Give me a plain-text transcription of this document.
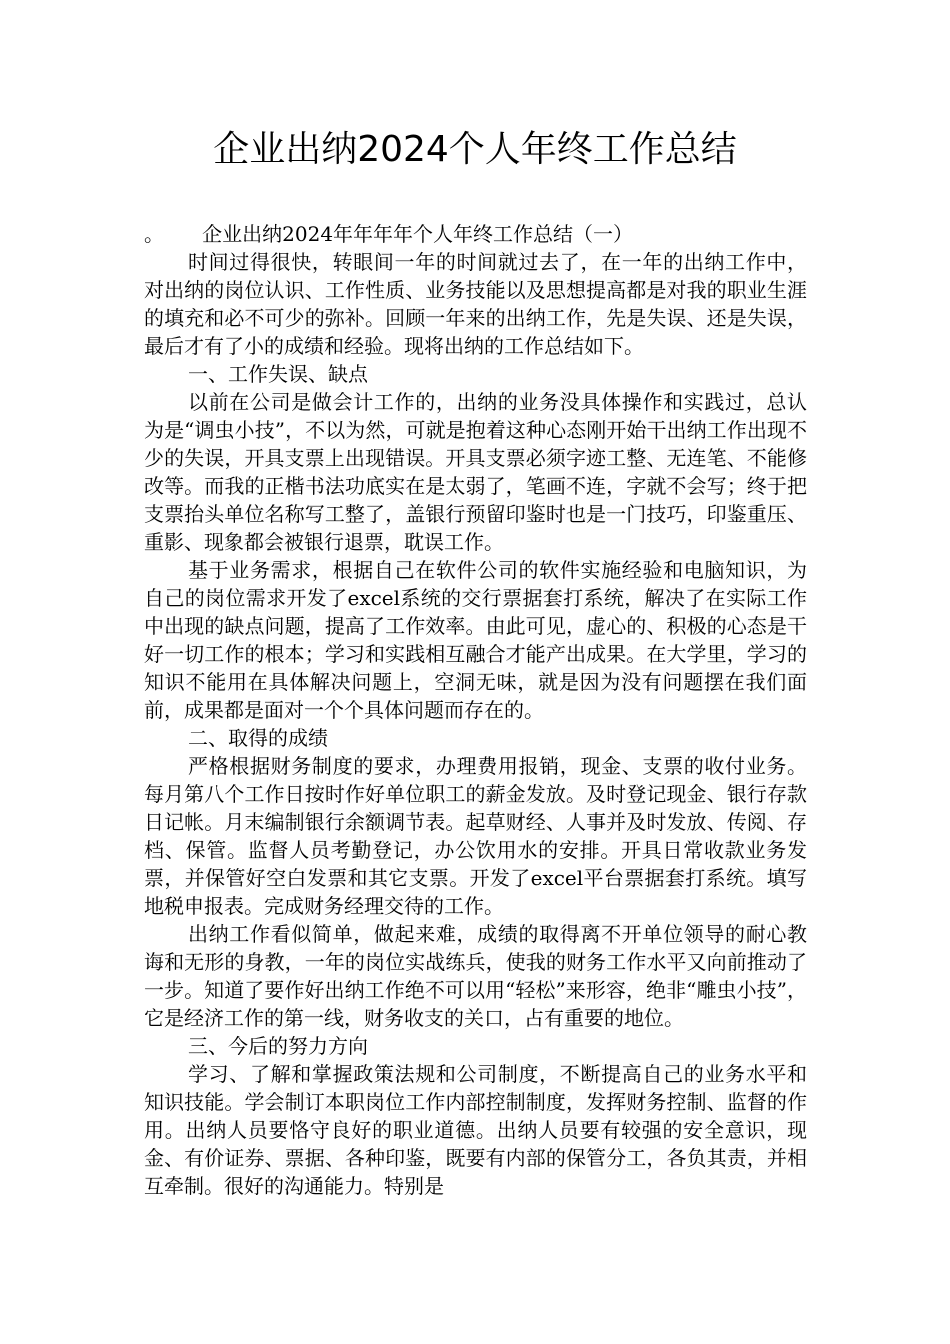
企业出纳2024个人年终工作总结

。      企业出纳2024年年年年个人年终工作总结（一）

时间过得很快，转眼间一年的时间就过去了，在一年的出纳工作中，对出纳的岗位认识、工作性质、业务技能以及思想提高都是对我的职业生涯的填充和必不可少的弥补。回顾一年来的出纳工作，先是失误、还是失误，最后才有了小的成绩和经验。现将出纳的工作总结如下。

一、工作失误、缺点

以前在公司是做会计工作的，出纳的业务没具体操作和实践过，总认为是“调虫小技”，不以为然，可就是抱着这种心态刚开始干出纳工作出现不少的失误，开具支票上出现错误。开具支票必须字迹工整、无连笔、不能修改等。而我的正楷书法功底实在是太弱了，笔画不连，字就不会写；终于把支票抬头单位名称写工整了，盖银行预留印鉴时也是一门技巧，印鉴重压、重影、现象都会被银行退票，耽误工作。

基于业务需求，根据自己在软件公司的软件实施经验和电脑知识，为自己的岗位需求开发了excel系统的交行票据套打系统，解决了在实际工作中出现的缺点问题，提高了工作效率。由此可见，虚心的、积极的心态是干好一切工作的根本；学习和实践相互融合才能产出成果。在大学里，学习的知识不能用在具体解决问题上，空洞无味，就是因为没有问题摆在我们面前，成果都是面对一个个具体问题而存在的。

二、取得的成绩

严格根据财务制度的要求，办理费用报销，现金、支票的收付业务。每月第八个工作日按时作好单位职工的薪金发放。及时登记现金、银行存款日记帐。月末编制银行余额调节表。起草财经、人事并及时发放、传阅、存档、保管。监督人员考勤登记，办公饮用水的安排。开具日常收款业务发票，并保管好空白发票和其它支票。开发了excel平台票据套打系统。填写地税申报表。完成财务经理交待的工作。

出纳工作看似简单，做起来难，成绩的取得离不开单位领导的耐心教诲和无形的身教，一年的岗位实战练兵，使我的财务工作水平又向前推动了一步。知道了要作好出纳工作绝不可以用“轻松”来形容，绝非“雕虫小技”，它是经济工作的第一线，财务收支的关口，占有重要的地位。

三、今后的努力方向

学习、了解和掌握政策法规和公司制度，不断提高自己的业务水平和知识技能。学会制订本职岗位工作内部控制制度，发挥财务控制、监督的作用。出纳人员要恪守良好的职业道德。出纳人员要有较强的安全意识，现金、有价证券、票据、各种印鉴，既要有内部的保管分工，各负其责，并相互牵制。很好的沟通能力。特别是
